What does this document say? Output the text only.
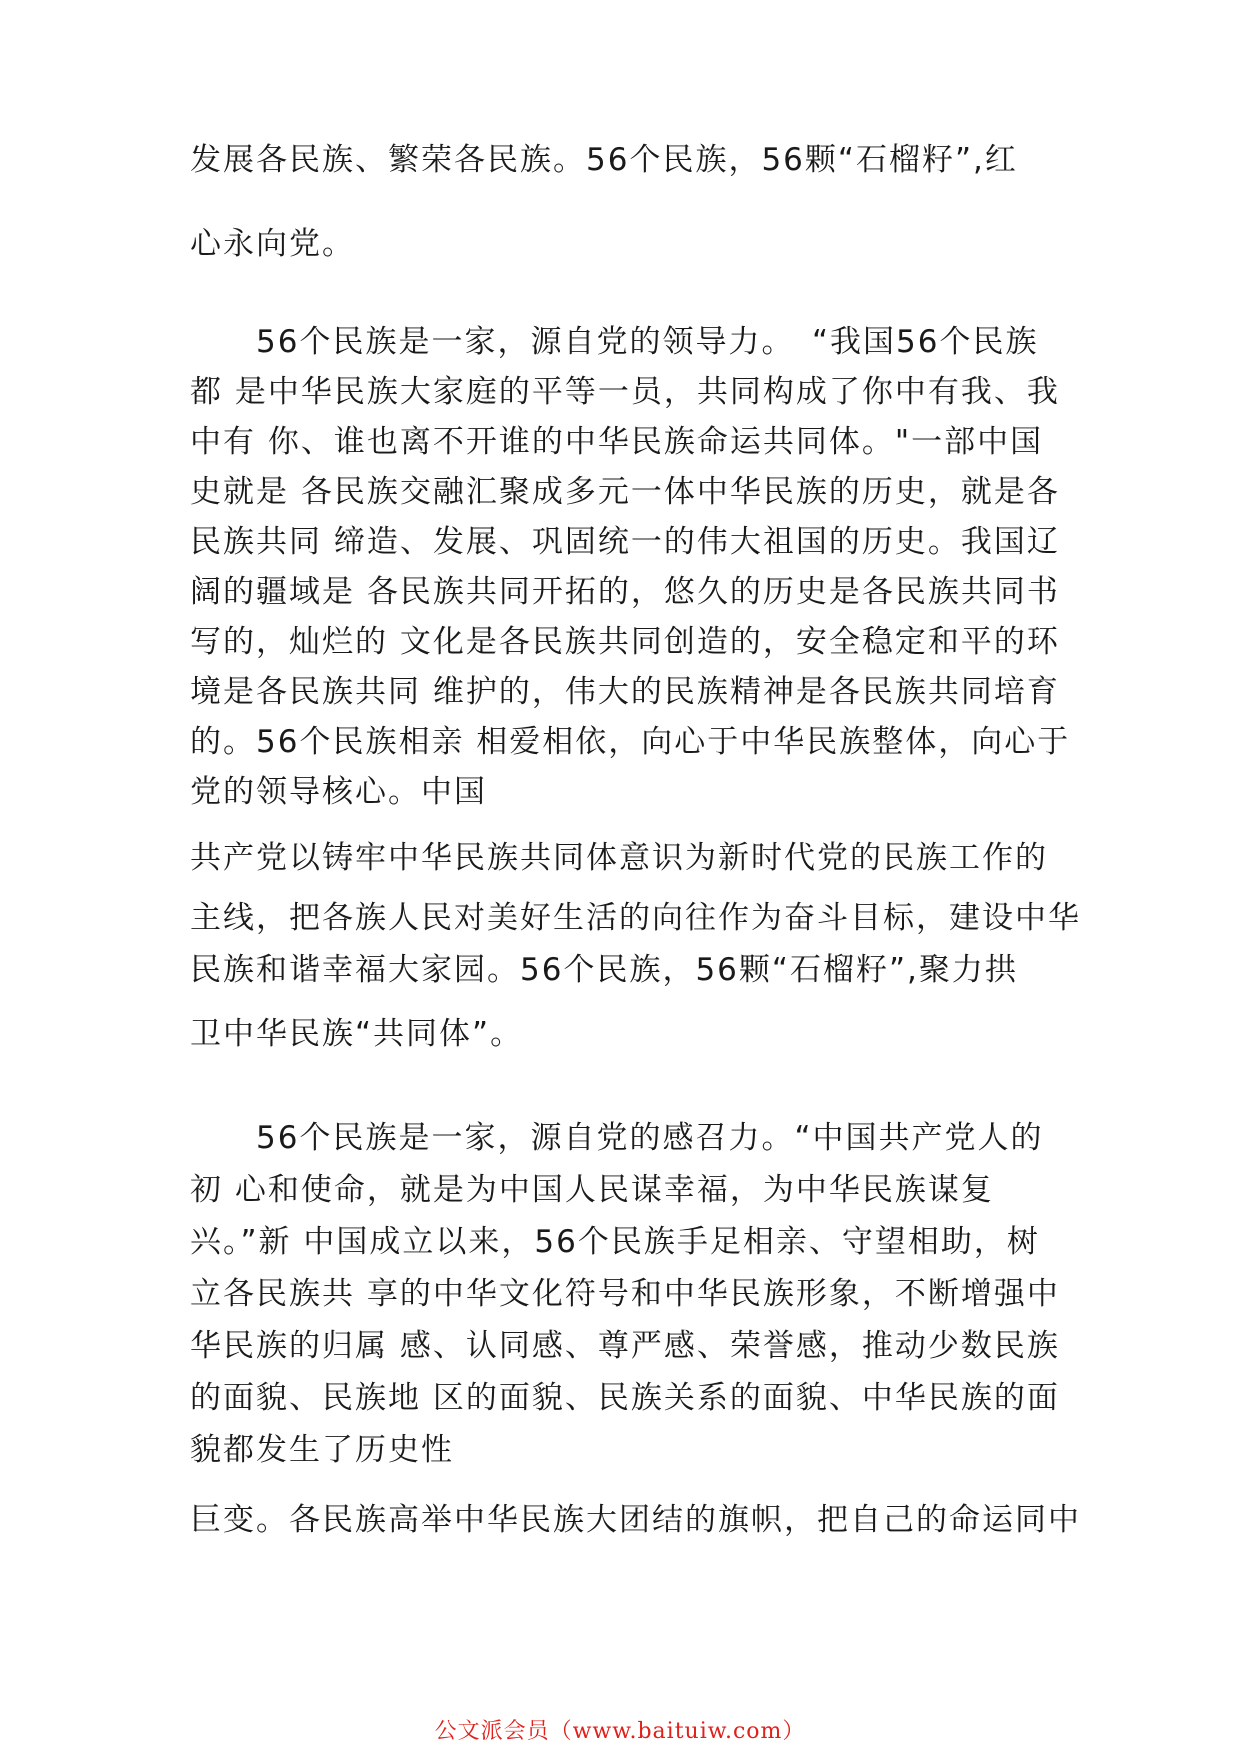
发展各民族、繁荣各民族。56个民族，56颗“石榴籽”,红
心永向党。
　　56个民族是一家，源自党的领导力。　“我国56个民族
都 是中华民族大家庭的平等一员，共同构成了你中有我、我
中有 你、谁也离不开谁的中华民族命运共同体。"一部中国
史就是 各民族交融汇聚成多元一体中华民族的历史，就是各
民族共同 缔造、发展、巩固统一的伟大祖国的历史。我国辽
阔的疆域是 各民族共同开拓的，悠久的历史是各民族共同书
写的，灿烂的 文化是各民族共同创造的，安全稳定和平的环
境是各民族共同 维护的，伟大的民族精神是各民族共同培育
的。56个民族相亲 相爱相依，向心于中华民族整体，向心于
党的领导核心。中国
共产党以铸牢中华民族共同体意识为新时代党的民族工作的
主线，把各族人民对美好生活的向往作为奋斗目标，建设中华
民族和谐幸福大家园。56个民族，56颗“石榴籽”,聚力拱
卫中华民族“共同体”。
　　56个民族是一家，源自党的感召力。“中国共产党人的
初 心和使命，就是为中国人民谋幸福，为中华民族谋复
兴。”新 中国成立以来，56个民族手足相亲、守望相助，树
立各民族共 享的中华文化符号和中华民族形象，不断增强中
华民族的归属 感、认同感、尊严感、荣誉感，推动少数民族
的面貌、民族地 区的面貌、民族关系的面貌、中华民族的面
貌都发生了历史性
巨变。各民族高举中华民族大团结的旗帜，把自己的命运同中
公文派会员（www.baituiw.com）
